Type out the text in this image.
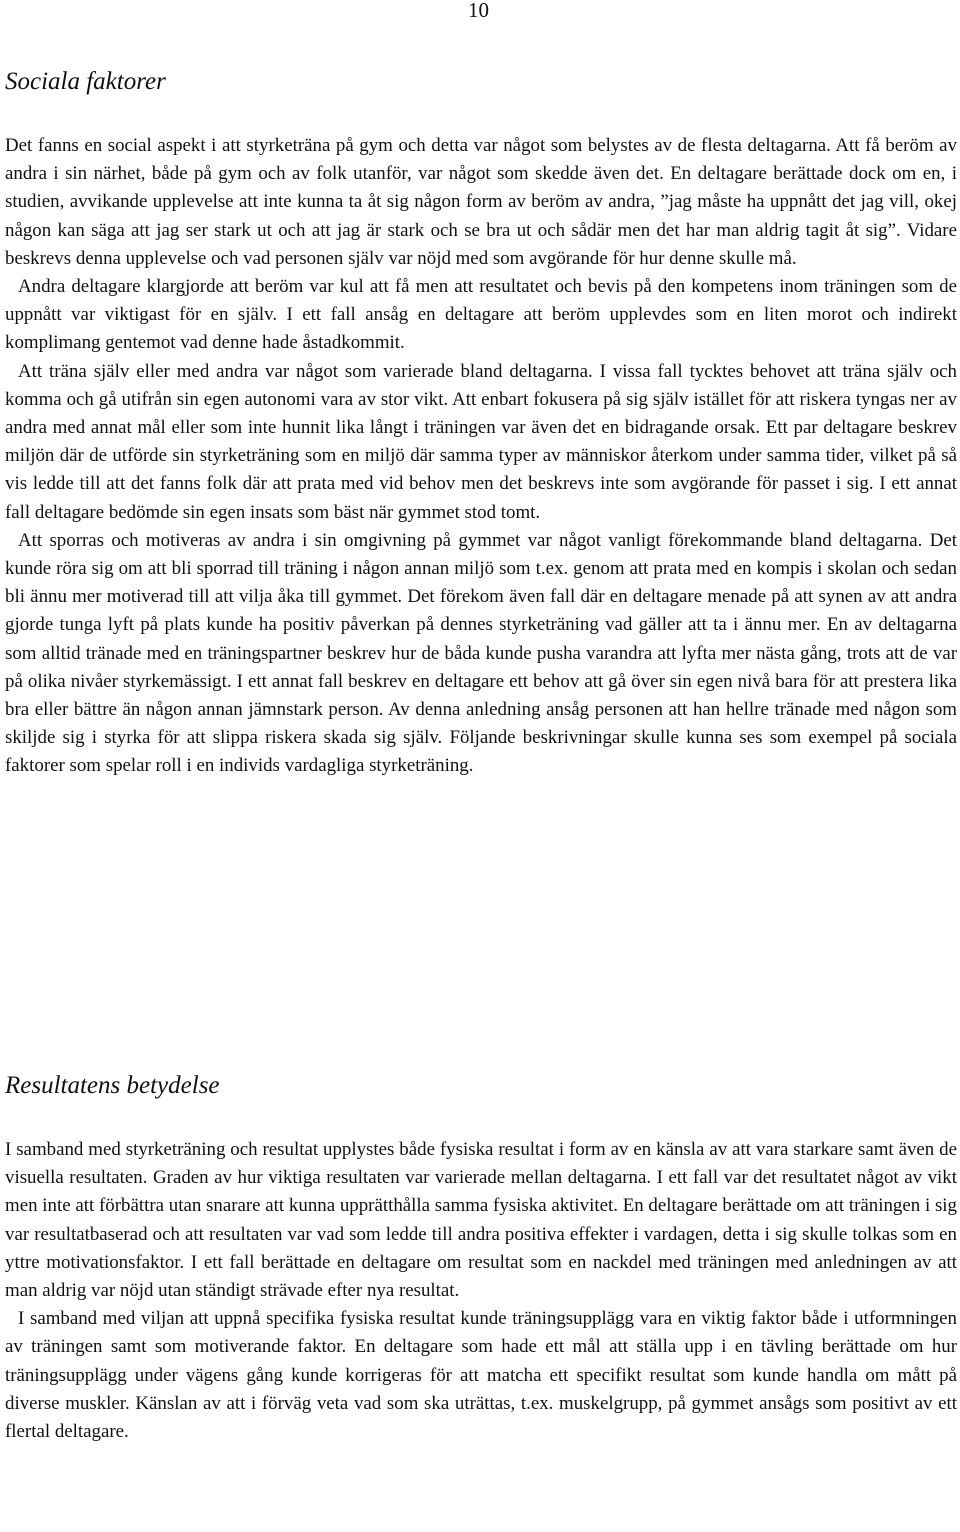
10
Sociala faktorer

Det fanns en social aspekt i att styrketräna på gym och detta var något som belystes av de flesta deltagarna. Att få beröm av andra i sin närhet, både på gym och av folk utanför, var något som skedde även det. En deltagare berättade dock om en, i studien, avvikande upplevelse att inte kunna ta åt sig någon form av beröm av andra, ”jag måste ha uppnått det jag vill, okej någon kan säga att jag ser stark ut och att jag är stark och se bra ut och sådär men det har man aldrig tagit åt sig”. Vidare beskrevs denna upplevelse och vad personen själv var nöjd med som avgörande för hur denne skulle må.

Andra deltagare klargjorde att beröm var kul att få men att resultatet och bevis på den kompetens inom träningen som de uppnått var viktigast för en själv. I ett fall ansåg en deltagare att beröm upplevdes som en liten morot och indirekt komplimang gentemot vad denne hade åstadkommit.

Att träna själv eller med andra var något som varierade bland deltagarna. I vissa fall tycktes behovet att träna själv och komma och gå utifrån sin egen autonomi vara av stor vikt. Att enbart fokusera på sig själv istället för att riskera tyngas ner av andra med annat mål eller som inte hunnit lika långt i träningen var även det en bidragande orsak. Ett par deltagare beskrev miljön där de utförde sin styrketräning som en miljö där samma typer av människor återkom under samma tider, vilket på så vis ledde till att det fanns folk där att prata med vid behov men det beskrevs inte som avgörande för passet i sig. I ett annat fall deltagare bedömde sin egen insats som bäst när gymmet stod tomt.

Att sporras och motiveras av andra i sin omgivning på gymmet var något vanligt förekommande bland deltagarna. Det kunde röra sig om att bli sporrad till träning i någon annan miljö som t.ex. genom att prata med en kompis i skolan och sedan bli ännu mer motiverad till att vilja åka till gymmet. Det förekom även fall där en deltagare menade på att synen av att andra gjorde tunga lyft på plats kunde ha positiv påverkan på dennes styrketräning vad gäller att ta i ännu mer. En av deltagarna som alltid tränade med en träningspartner beskrev hur de båda kunde pusha varandra att lyfta mer nästa gång, trots att de var på olika nivåer styrkemässigt. I ett annat fall beskrev en deltagare ett behov att gå över sin egen nivå bara för att prestera lika bra eller bättre än någon annan jämnstark person. Av denna anledning ansåg personen att han hellre tränade med någon som skiljde sig i styrka för att slippa riskera skada sig själv. Följande beskrivningar skulle kunna ses som exempel på sociala faktorer som spelar roll i en individs vardagliga styrketräning.

Resultatens betydelse

I samband med styrketräning och resultat upplystes både fysiska resultat i form av en känsla av att vara starkare samt även de visuella resultaten. Graden av hur viktiga resultaten var varierade mellan deltagarna. I ett fall var det resultatet något av vikt men inte att förbättra utan snarare att kunna upprätthålla samma fysiska aktivitet. En deltagare berättade om att träningen i sig var resultatbaserad och att resultaten var vad som ledde till andra positiva effekter i vardagen, detta i sig skulle tolkas som en yttre motivationsfaktor. I ett fall berättade en deltagare om resultat som en nackdel med träningen med anledningen av att man aldrig var nöjd utan ständigt strävade efter nya resultat.

I samband med viljan att uppnå specifika fysiska resultat kunde träningsupplägg vara en viktig faktor både i utformningen av träningen samt som motiverande faktor. En deltagare som hade ett mål att ställa upp i en tävling berättade om hur träningsupplägg under vägens gång kunde korrigeras för att matcha ett specifikt resultat som kunde handla om mått på diverse muskler. Känslan av att i förväg veta vad som ska uträttas, t.ex. muskelgrupp, på gymmet ansågs som positivt av ett flertal deltagare.
